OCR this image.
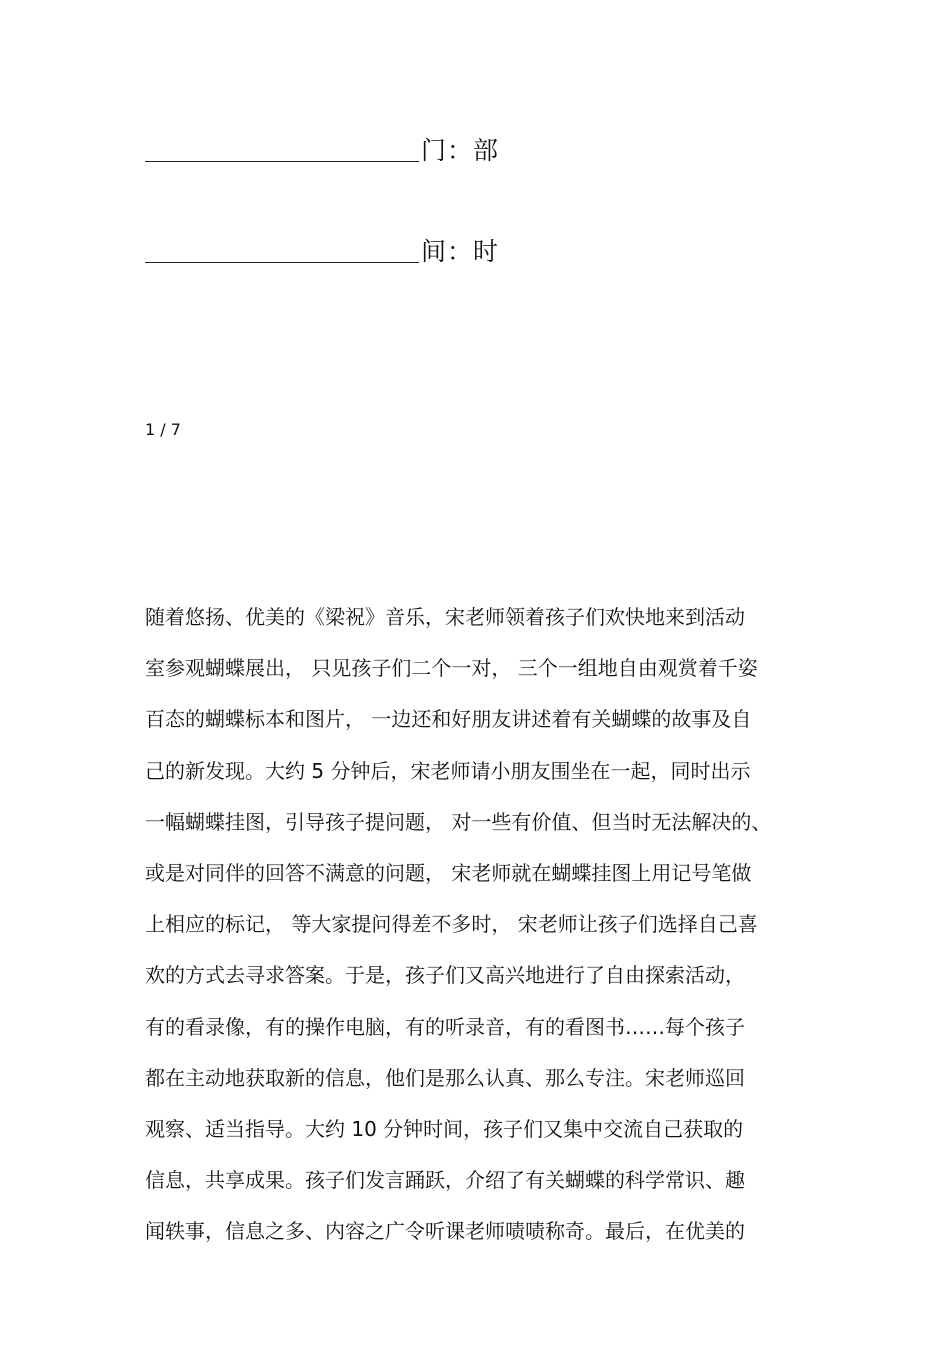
门：部
间：时
1 / 7
随着悠扬、优美的《梁祝》音乐，宋老师领着孩子们欢快地来到活动
室参观蝴蝶展出， 只见孩子们二个一对， 三个一组地自由观赏着千姿
百态的蝴蝶标本和图片， 一边还和好朋友讲述着有关蝴蝶的故事及自
己的新发现。大约 5 分钟后，宋老师请小朋友围坐在一起，同时出示
一幅蝴蝶挂图，引导孩子提问题， 对一些有价值、但当时无法解决的、
或是对同伴的回答不满意的问题， 宋老师就在蝴蝶挂图上用记号笔做
上相应的标记， 等大家提问得差不多时， 宋老师让孩子们选择自己喜
欢的方式去寻求答案。于是，孩子们又高兴地进行了自由探索活动，
有的看录像，有的操作电脑，有的听录音，有的看图书……每个孩子
都在主动地获取新的信息，他们是那么认真、那么专注。宋老师巡回
观察、适当指导。大约 10 分钟时间，孩子们又集中交流自己获取的
信息，共享成果。孩子们发言踊跃，介绍了有关蝴蝶的科学常识、趣
闻轶事，信息之多、内容之广令听课老师啧啧称奇。最后，在优美的
